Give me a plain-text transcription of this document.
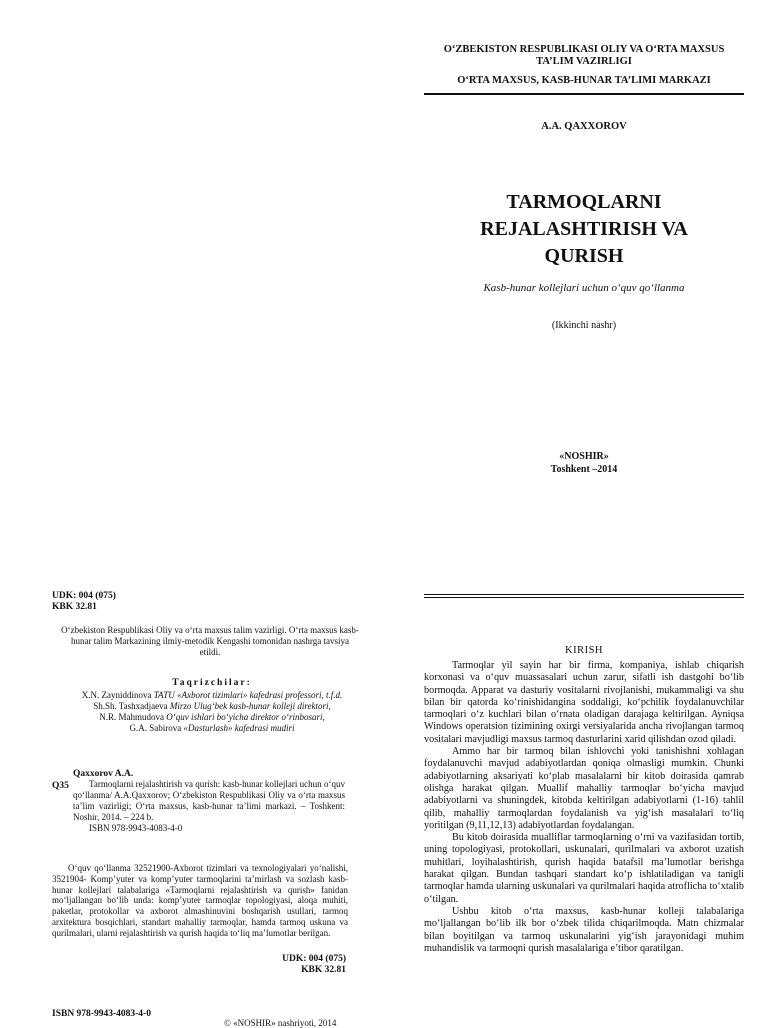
O‘ZBEKISTON RESPUBLIKASI OLIY VA O‘RTA MAXSUS TA’LIM VAZIRLIGI
O‘RTA MAXSUS, KASB-HUNAR TA’LIMI MARKAZI
A.A. QAXXOROV
TARMOQLARNI
REJALASHTIRISH VA
QURISH
Kasb-hunar kollejlari uchun o‘quv qo‘llanma
(Ikkinchi nashr)
«NOSHIR»
Toshkent –2014
KIRISH

Tarmoqlar yil sayin har bir firma, kompaniya, ishlab chiqarish korxonasi va o‘quv muassasalari uchun zarur, sifatli ish dastgohi bo‘lib bormoqda. Apparat va dasturiy vositalarni rivojlanishi, mukammaligi va shu bilan bir qatorda ko‘rinishidangina soddaligi, ko‘pchilik foydalanuvchilar tarmoqlari o‘z kuchlari bilan o‘rnata oladigan darajaga keltirilgan. Ayniqsa Windows operatsion tizimining oxirgi versiyalarida ancha rivojlangan tarmoq vositalari mavjudligi maxsus tarmoq dasturlarini xarid qilishdan ozod qiladi.

Ammo har bir tarmoq bilan ishlovchi yoki tanishishni xohlagan foydalanuvchi mavjud adabiyotlardan qoniqa olmasligi mumkin. Chunki adabiyotlarning aksariyati ko‘plab masalalarni bir kitob doirasida qamrab olishga harakat qilgan. Muallif mahalliy tarmoqlar bo‘yicha mavjud adabiyotlarni va shuningdek, kitobda keltirilgan adabiyotlarni (1-16) tahlil qilib, mahalliy tarmoqlardan foydalanish va yig‘ish masalalari to‘liq yoritilgan (9,11,12,13) adabiyotlardan foydalangan.

Bu kitob doirasida mualliflar tarmoqlarning o‘rni va vazifasidan tortib, uning topologiyasi, protokollari, uskunalari, qurilmalari va axborot uzatish muhitlari, loyihalashtirish, qurish haqida batafsil ma’lumotlar berishga harakat qilgan. Bundan tashqari standart ko‘p ishlatiladigan va tanigli tarmoqlar hamda ularning uskunalari va qurilmalari haqida atroflicha to‘xtalib o‘tilgan.

Ushbu kitob o‘rta maxsus, kasb-hunar kolleji talabalariga mo‘ljallangan bo‘lib ilk bor o‘zbek tilida chiqarilmoqda. Matn chizmalar bilan boyitilgan va tarmoq uskunalarini yig‘ish jarayonidagi muhim muhandislik va tarmoqni qurish masalalariga e’tibor qaratilgan.

UDK: 004 (075)
KBK 32.81
O‘zbekiston Respublikasi Oliy va o‘rta maxsus talim vazirligi. O‘rta maxsus kasb-hunar talim Markazining ilmiy-metodik Kengashi tomonidan nashrga tavsiya etildi.
Taqrizchilar:
X.N. Zayniddinova TATU «Axborot tizimlari» kafedrasi professori, t.f.d.
Sh.Sh. Tashxadjaeva Mirzo Ulug‘bek kasb-hunar kolleji direktori,
N.R. Mahmudova O‘quv ishlari bo‘yicha direktor o‘rinbosari,
G.A. Sabirova «Dasturlash» kafedrasi mudiri
Qaxxorov A.A.
Q35	Tarmoqlarni rejalashtirish va qurish: kasb-hunar kollejlari uchun o‘quv qo‘llanma/ A.A.Qaxxorov; O‘zbekiston Respublikasi Oliy va o‘rta maxsus ta’lim vazirligi; O‘rta maxsus, kasb-hunar ta’limi markazi. – Toshkent: Noshir, 2014. – 224 b.
ISBN 978-9943-4083-4-0
O‘quv qo‘llanma 32521900-Axborot tizimlari va texnologiyalari yo‘nalishi, 3521904- Kompʼyuter va kompʼyuter tarmoqlarini ta’mirlash va sozlash kasb-hunar kollejlari talabalariga «Tarmoqlarni rejalashtirish va qurish» fanidan mo‘ljallangan bo‘lib unda: kompʼyuter tarmoqlar topologiyasi, aloqa muhiti, paketlar, protokollar va axborot almashinuvini boshqarish usullari, tarmoq arxitektura bosqichlari, standart mahalliy tarmoqlar, hamda tarmoq uskuna va qurilmalari, ularni rejalashtirish va qurish haqida to‘liq ma’lumotlar berilgan.
UDK: 004 (075)
KBK 32.81
ISBN 978-9943-4083-4-0
© «NOSHIR» nashriyoti, 2014
